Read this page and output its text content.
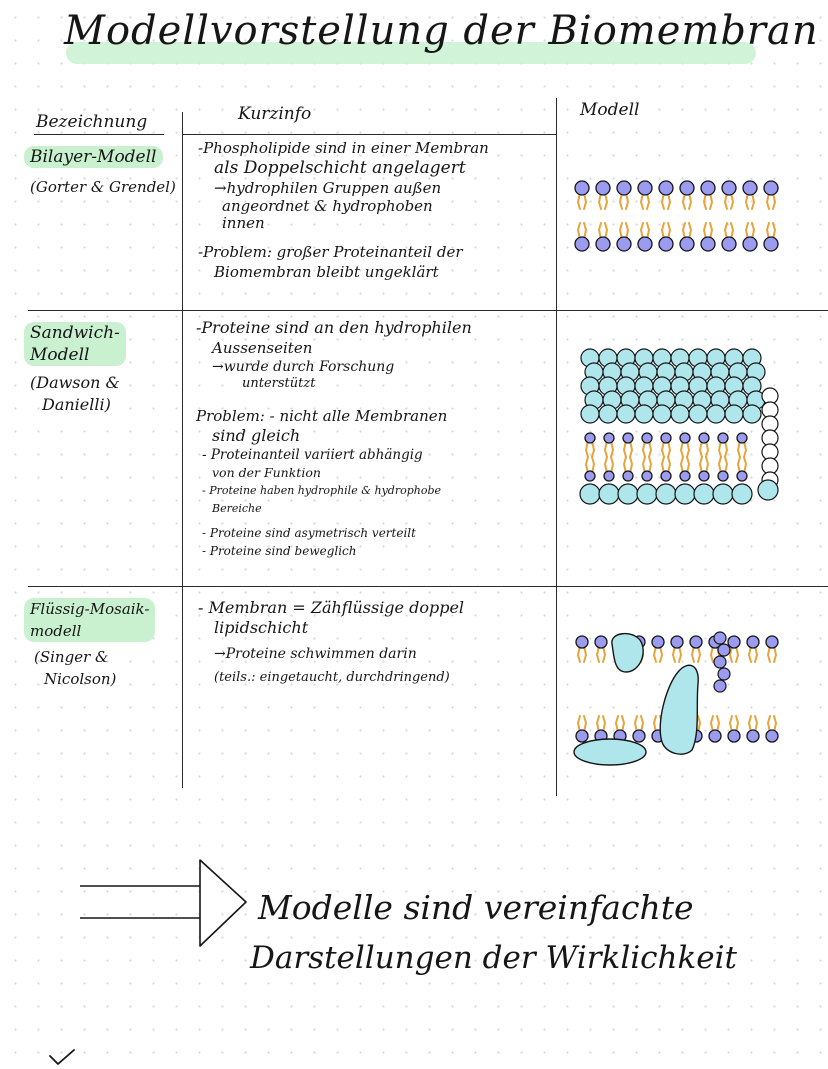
Modellvorstellung der Biomembran
Bezeichnung	Kurzinfo	Modell
Bilayer-Modell
(Gorter & Grendel)
-Phospholipide sind in einer Membran
als Doppelschicht angelagert
→hydrophilen Gruppen außen
angeordnet & hydrophoben
innen
-Problem: großer Proteinanteil der
Biomembran bleibt ungeklärt
Sandwich-
Modell
(Dawson &
Danielli)
-Proteine sind an den hydrophilen
Aussenseiten
→wurde durch Forschung
unterstützt
Problem: - nicht alle Membranen
sind gleich
- Proteinanteil variiert abhängig
von der Funktion
- Proteine haben hydrophile & hydrophobe
Bereiche
- Proteine sind asymetrisch verteilt
- Proteine sind beweglich
Flüssig-Mosaik-
modell
(Singer &
Nicolson)
- Membran = Zähflüssige doppel
lipidschicht
→Proteine schwimmen darin
(teils.: eingetaucht, durchdringend)
Modelle sind vereinfachte
Darstellungen der Wirklichkeit
